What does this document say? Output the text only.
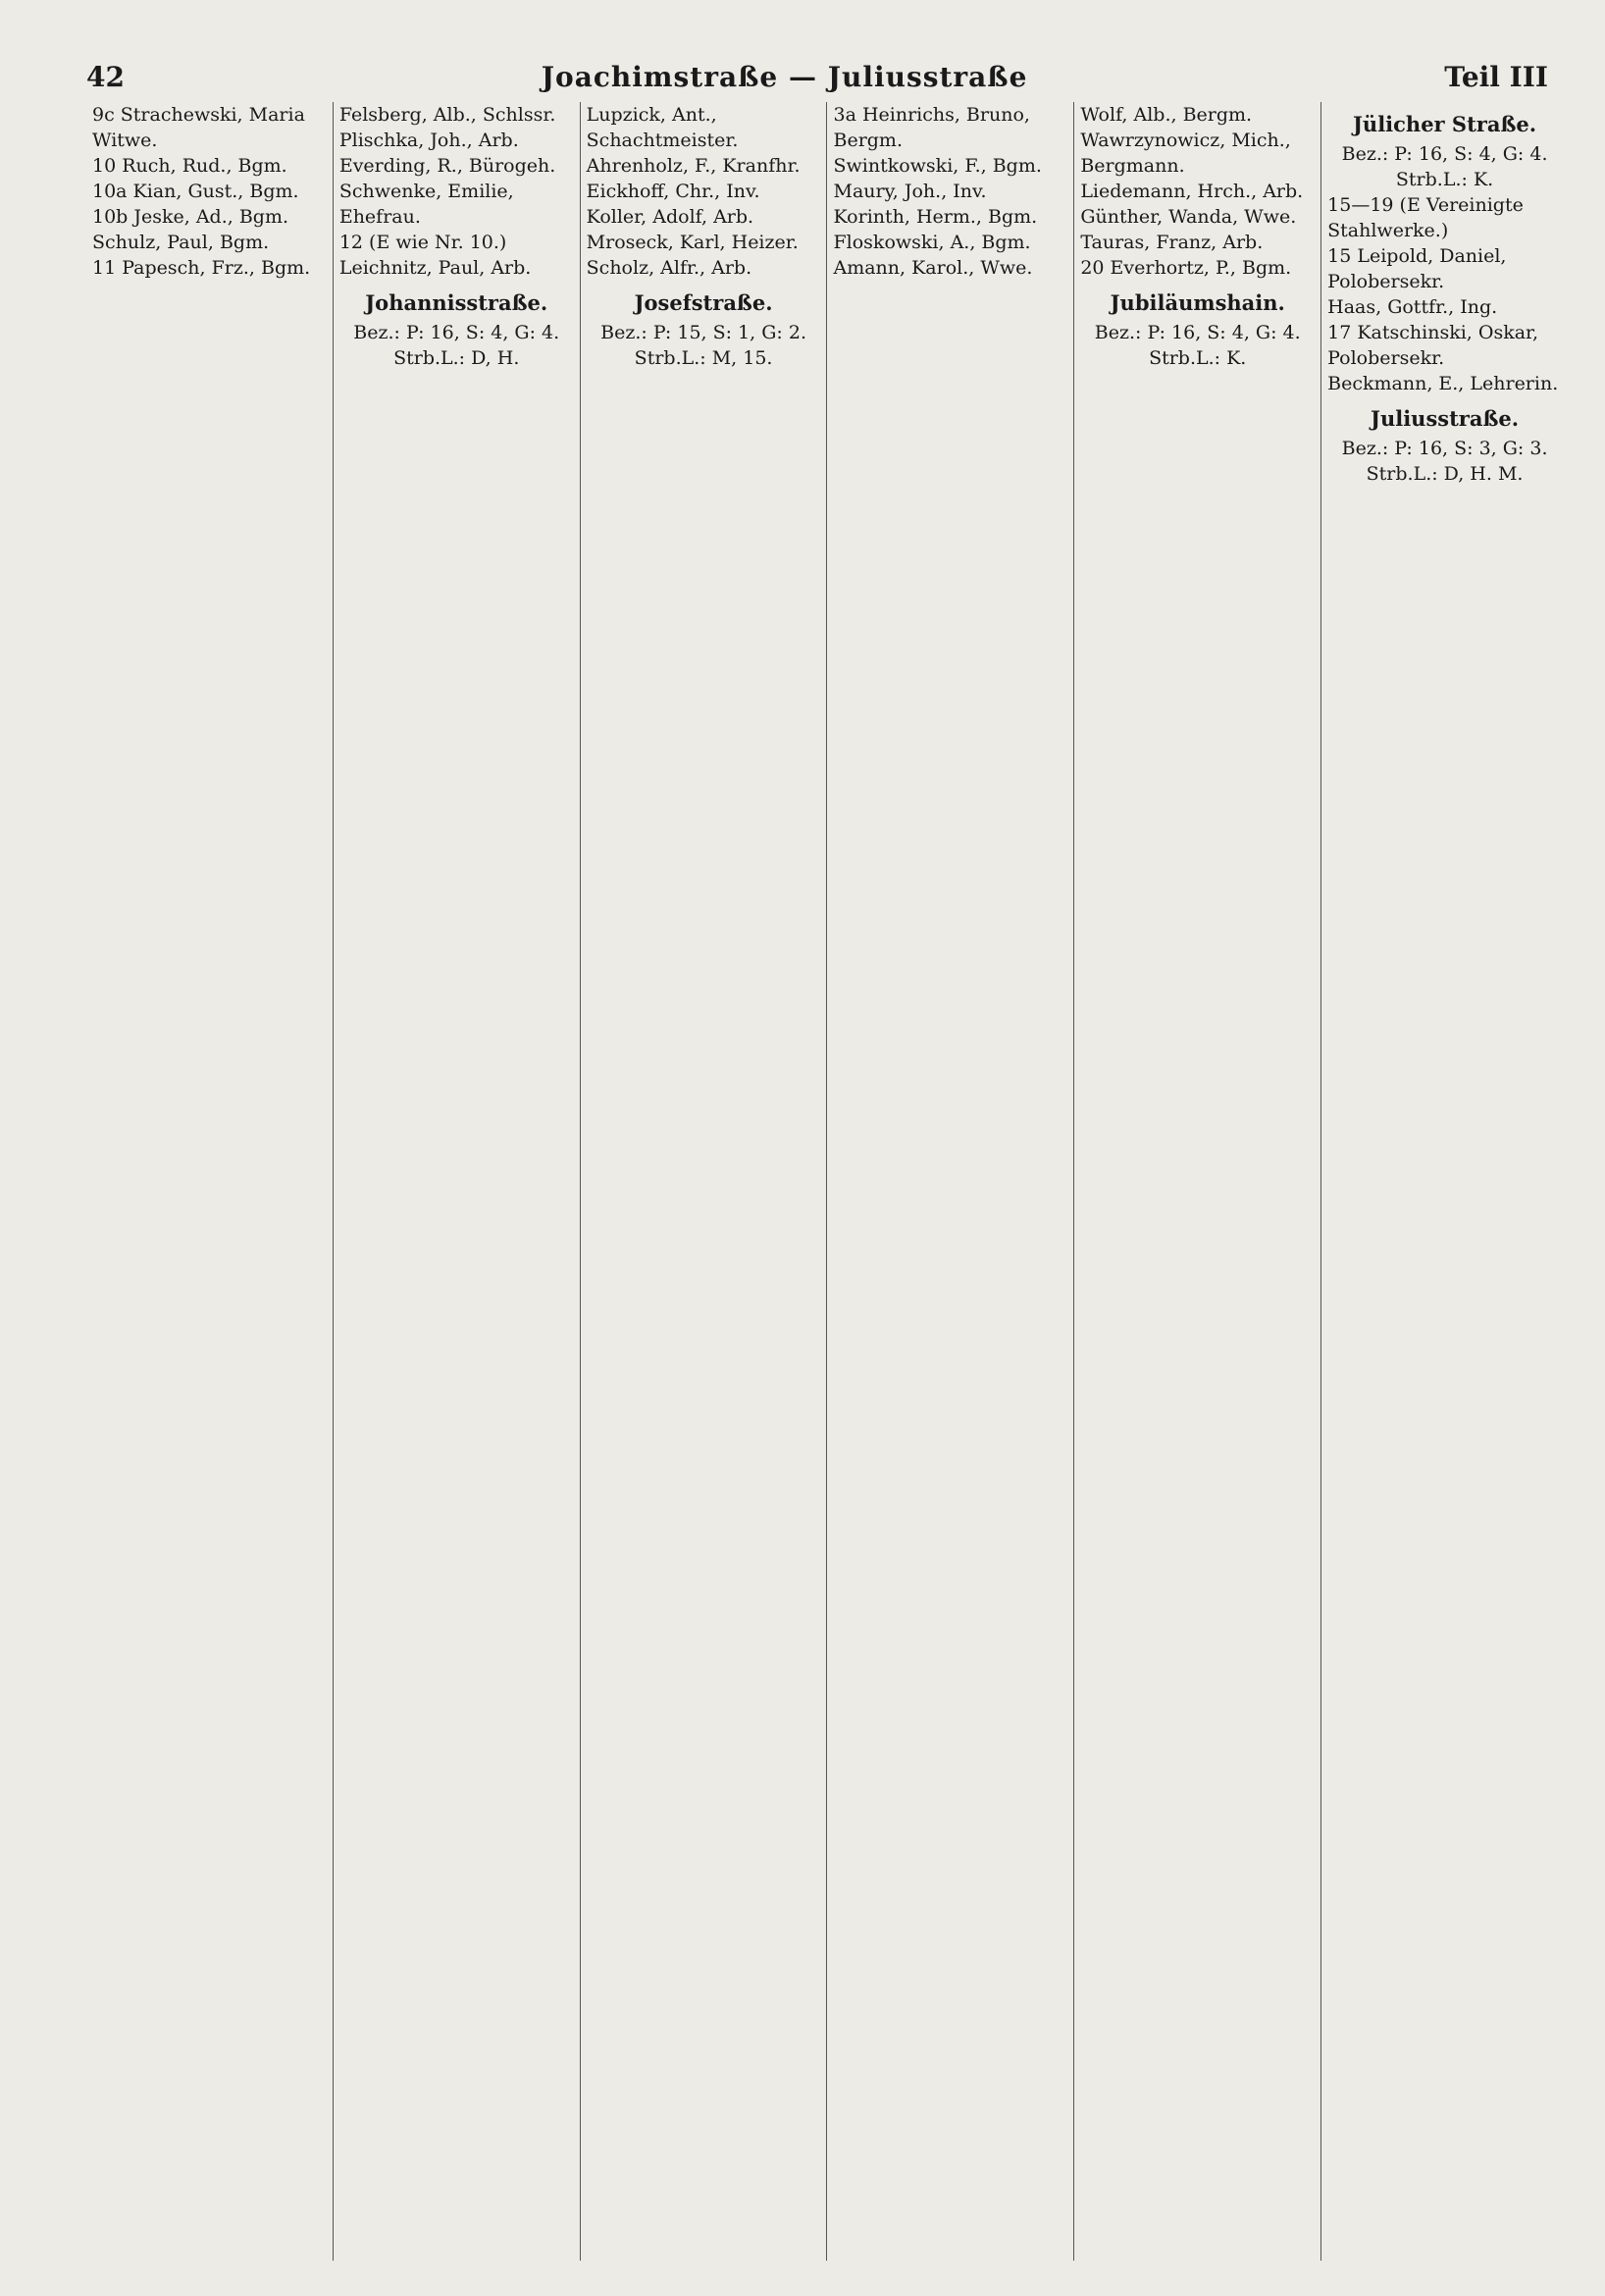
42	Joachimstraße — Juliusstraße	Teil III

9c Strachewski, Maria Witwe.

10 Ruch, Rud., Bgm.

10a Kian, Gust., Bgm.

10b Jeske, Ad., Bgm.

Schulz, Paul, Bgm.

11 Papesch, Frz., Bgm.

Felsberg, Alb., Schlssr.

Plischka, Joh., Arb.

Everding, R., Bürogeh.

Schwenke, Emilie, Ehefrau.

12 (E wie Nr. 10.)

Leichnitz, Paul, Arb.

Johannisstraße.
Bez.: P: 16, S: 4, G: 4. Strb.L.: D, H.

Lupzick, Ant., Schachtmeister.

Ahrenholz, F., Kranfhr.

Eickhoff, Chr., Inv.

Koller, Adolf, Arb.

Mroseck, Karl, Heizer.

Scholz, Alfr., Arb.

Josefstraße.
Bez.: P: 15, S: 1, G: 2. Strb.L.: M, 15.

3a Heinrichs, Bruno, Bergm.

Swintkowski, F., Bgm.

Maury, Joh., Inv.

Korinth, Herm., Bgm.

Floskowski, A., Bgm.

Amann, Karol., Wwe.

Wolf, Alb., Bergm.

Wawrzynowicz, Mich., Bergmann.

Liedemann, Hrch., Arb.

Günther, Wanda, Wwe.

Tauras, Franz, Arb.

20 Everhortz, P., Bgm.

Jubiläumshain.
Bez.: P: 16, S: 4, G: 4. Strb.L.: K.
Jülicher Straße.
Bez.: P: 16, S: 4, G: 4. Strb.L.: K.

15—19 (E Vereinigte Stahlwerke.)

15 Leipold, Daniel, Polobersekr.

Haas, Gottfr., Ing.

17 Katschinski, Oskar, Polobersekr.

Beckmann, E., Lehrerin.

Juliusstraße.
Bez.: P: 16, S: 3, G: 3. Strb.L.: D, H. M.
